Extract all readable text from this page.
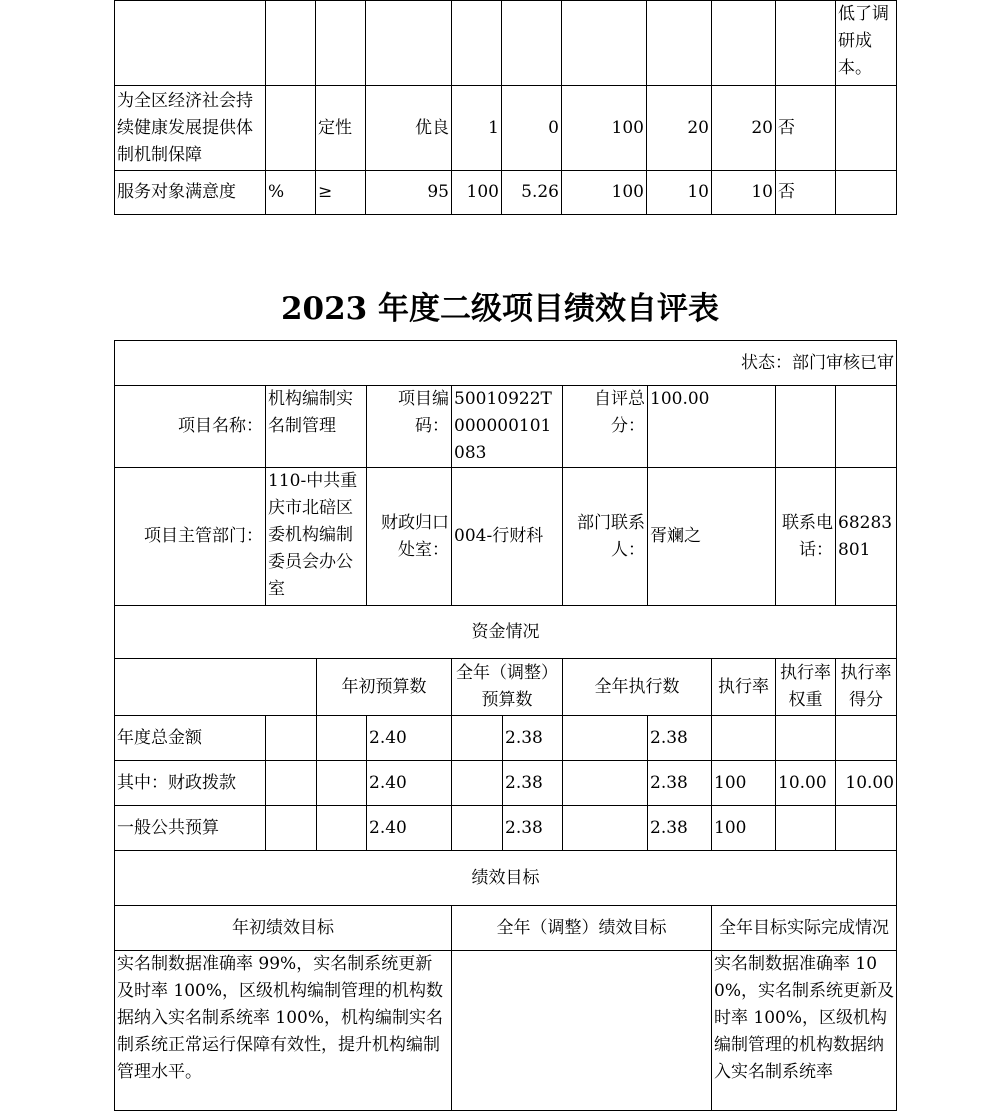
										低了调研成本。
为全区经济社会持续健康发展提供体制机制保障		定性	优良	1	0	100	20	20	否	
服务对象满意度	%	≥	95	100	5.26	100	10	10	否	
2023 年度二级项目绩效自评表
状态：部门审核已审										
项目名称：	机构编制实名制管理		项目编码：	50010922T000000101083		自评总分：	100.00			
项目主管部门：	110-中共重庆市北碚区委机构编制委员会办公室		财政归口处室：	004-行财科		部门联系人：	胥斓之		联系电话：	68283801
资金情况										
		年初预算数		全年（调整）预算数		全年执行数		执行率	执行率权重	执行率得分
年度总金额			2.40		2.38		2.38			
其中：财政拨款			2.40		2.38		2.38	100	10.00	10.00
一般公共预算			2.40		2.38		2.38	100		
绩效目标										
年初绩效目标				全年（调整）绩效目标				全年目标实际完成情况		
实名制数据准确率 99%，实名制系统更新及时率 100%，区级机构编制管理的机构数据纳入实名制系统率 100%，机构编制实名制系统正常运行保障有效性，提升机构编制管理水平。								实名制数据准确率 100%，实名制系统更新及时率 100%，区级机构编制管理的机构数据纳入实名制系统率		
